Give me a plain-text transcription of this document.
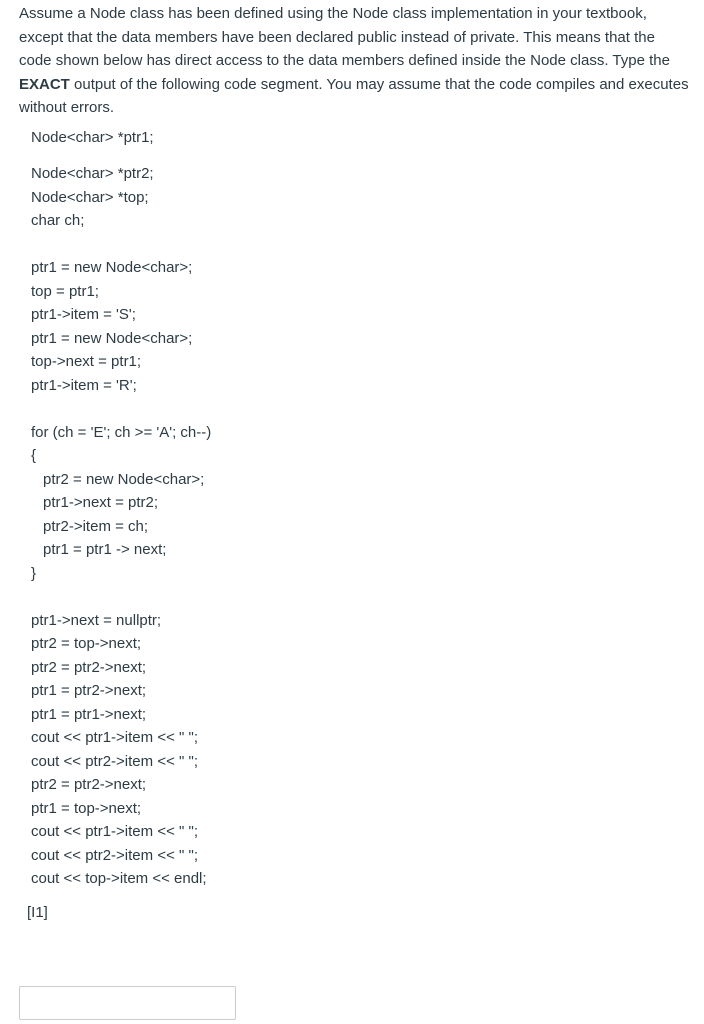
Assume a Node class has been defined using the Node class implementation in your textbook, except that the data members have been declared public instead of private. This means that the code shown below has direct access to the data members defined inside the Node class. Type the EXACT output of the following code segment. You may assume that the code compiles and executes without errors.

Node<char> *ptr1;
Node<char> *ptr2;
Node<char> *top;
char ch;
ptr1 = new Node<char>;
top = ptr1;
ptr1->item = 'S';
ptr1 = new Node<char>;
top->next = ptr1;
ptr1->item = 'R';
for (ch = 'E'; ch >= 'A'; ch--)
{
ptr2 = new Node<char>;
ptr1->next = ptr2;
ptr2->item = ch;
ptr1 = ptr1 -> next;
}
ptr1->next = nullptr;
ptr2 = top->next;
ptr2 = ptr2->next;
ptr1 = ptr2->next;
ptr1 = ptr1->next;
cout << ptr1->item << " ";
cout << ptr2->item << " ";
ptr2 = ptr2->next;
ptr1 = top->next;
cout << ptr1->item << " ";
cout << ptr2->item << " ";
cout << top->item << endl;
[I1]
